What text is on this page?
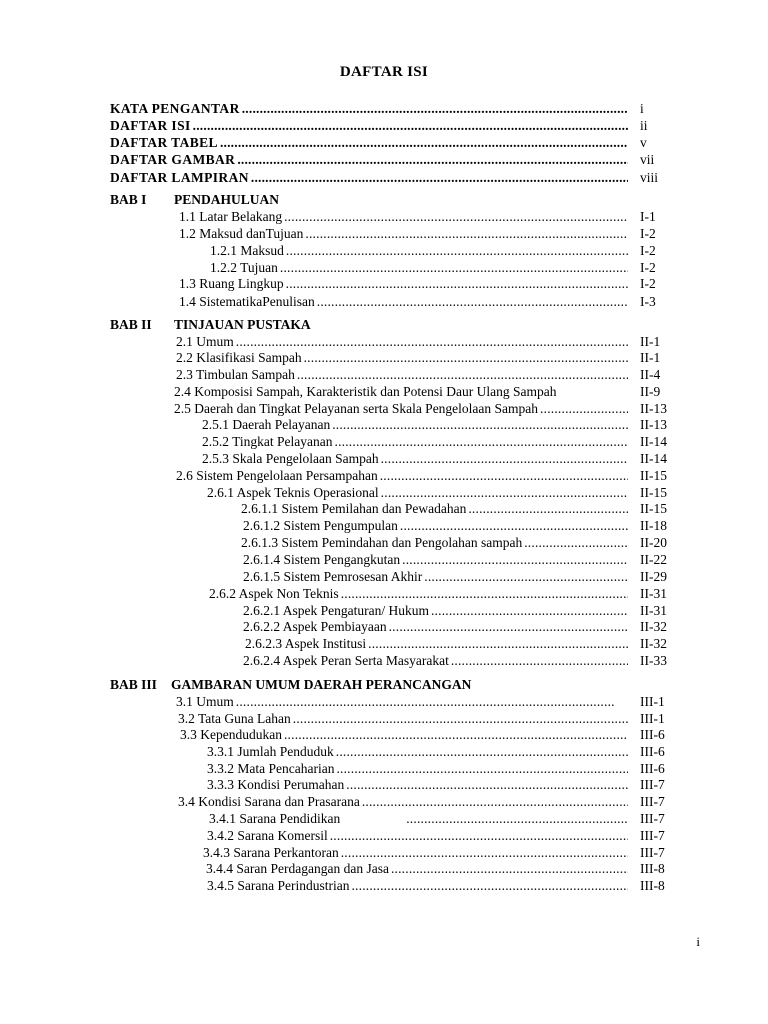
DAFTAR ISI
KATA PENGANTAR .....	i
DAFTAR ISI .....	ii
DAFTAR TABEL .....	v
DAFTAR GAMBAR .....	vii
DAFTAR LAMPIRAN .....	viii
BAB I PENDAHULUAN
1.1 Latar Belakang .....	I-1
1.2 Maksud danTujuan .....	I-2
1.2.1 Maksud .....	I-2
1.2.2 Tujuan .....	I-2
1.3 Ruang Lingkup .....	I-2
1.4 SistematikaPenulisan .....	I-3
BAB II TINJAUAN PUSTAKA
2.1 Umum .....	II-1
2.2 Klasifikasi Sampah .....	II-1
2.3 Timbulan Sampah .....	II-4
2.4 Komposisi Sampah, Karakteristik dan Potensi Daur Ulang Sampah	II-9
2.5 Daerah dan Tingkat Pelayanan serta Skala Pengelolaan Sampah .....	II-13
2.5.1 Daerah Pelayanan .....	II-13
2.5.2 Tingkat Pelayanan .....	II-14
2.5.3 Skala Pengelolaan Sampah .....	II-14
2.6 Sistem Pengelolaan Persampahan .....	II-15
2.6.1 Aspek Teknis Operasional .....	II-15
2.6.1.1 Sistem Pemilahan dan Pewadahan .....	II-15
2.6.1.2 Sistem Pengumpulan .....	II-18
2.6.1.3 Sistem Pemindahan dan Pengolahan sampah .....	II-20
2.6.1.4 Sistem Pengangkutan .....	II-22
2.6.1.5 Sistem Pemrosesan Akhir .....	II-29
2.6.2 Aspek Non Teknis .....	II-31
2.6.2.1 Aspek Pengaturan/ Hukum .....	II-31
2.6.2.2 Aspek Pembiayaan .....	II-32
2.6.2.3 Aspek Institusi .....	II-32
2.6.2.4 Aspek Peran Serta Masyarakat .....	II-33
BAB III GAMBARAN UMUM DAERAH PERANCANGAN
3.1 Umum .....	III-1
3.2 Tata Guna Lahan .....	III-1
3.3 Kependudukan .....	III-6
3.3.1 Jumlah Penduduk .....	III-6
3.3.2 Mata Pencaharian .....	III-6
3.3.3 Kondisi Perumahan .....	III-7
3.4 Kondisi Sarana dan Prasarana .....	III-7
3.4.1 Sarana Pendidikan .....	III-7
3.4.2 Sarana Komersil .....	III-7
3.4.3 Sarana Perkantoran .....	III-7
3.4.4 Saran Perdagangan dan Jasa .....	III-8
3.4.5 Sarana Perindustrian .....	III-8
i
